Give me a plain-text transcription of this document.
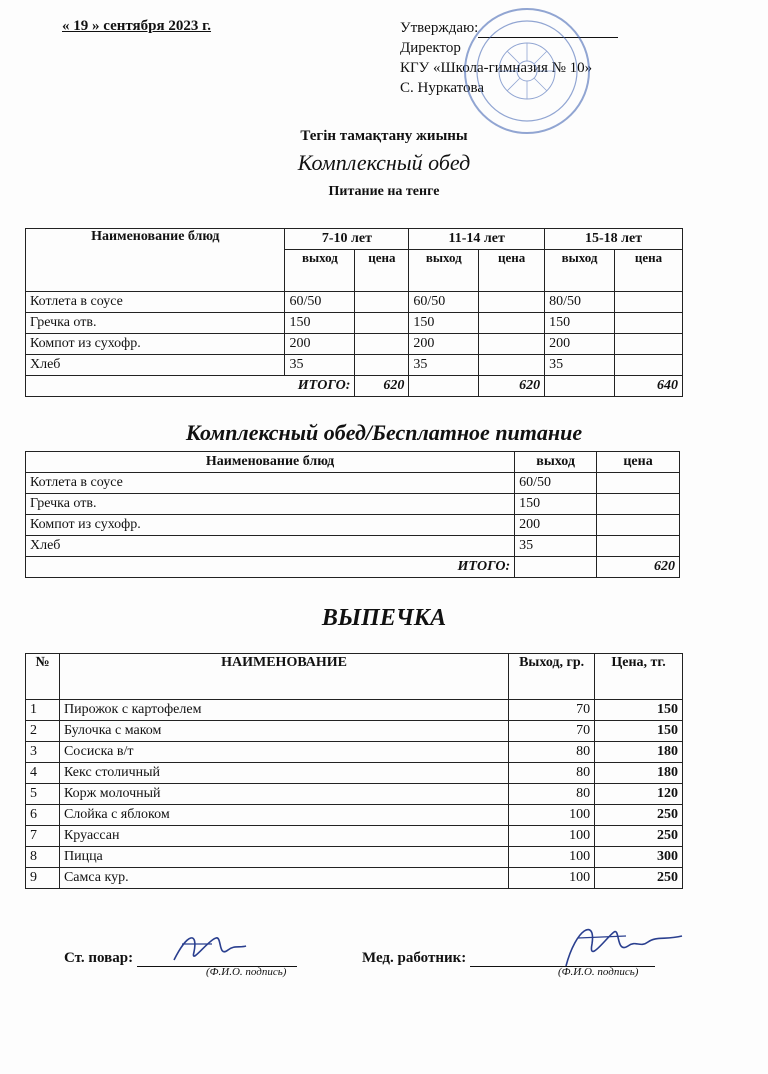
« 19 » сентября 2023 г.	Утверждаю:
Директор
КГУ «Школа-гимназия № 10»
С. Нуркатова
Тегін тамақтану жиыны
Комплексный обед
Питание на тенге
Наименование блюд	7-10 лет		11-14 лет		15-18 лет	
	выход	цена	выход	цена	выход	цена
Котлета в соусе	60/50		60/50		80/50	
Гречка отв.	150		150		150	
Компот из сухофр.	200		200		200	
Хлеб	35		35		35	
ИТОГО:		620		620		640
Комплексный обед/Бесплатное питание
Наименование блюд	выход	цена
Котлета в соусе	60/50	
Гречка отв.	150	
Компот из сухофр.	200	
Хлеб	35	
ИТОГО:		620
ВЫПЕЧКА
№	НАИМЕНОВАНИЕ	Выход, гр.	Цена, тг.
1	Пирожок с картофелем	70	150
2	Булочка с маком	70	150
3	Сосиска в/т	80	180
4	Кекс столичный	80	180
5	Корж молочный	80	120
6	Слойка с яблоком	100	250
7	Круассан	100	250
8	Пицца	100	300
9	Самса кур.	100	250
Ст. повар:
(Ф.И.О. подпись)
Мед. работник:
(Ф.И.О. подпись)
